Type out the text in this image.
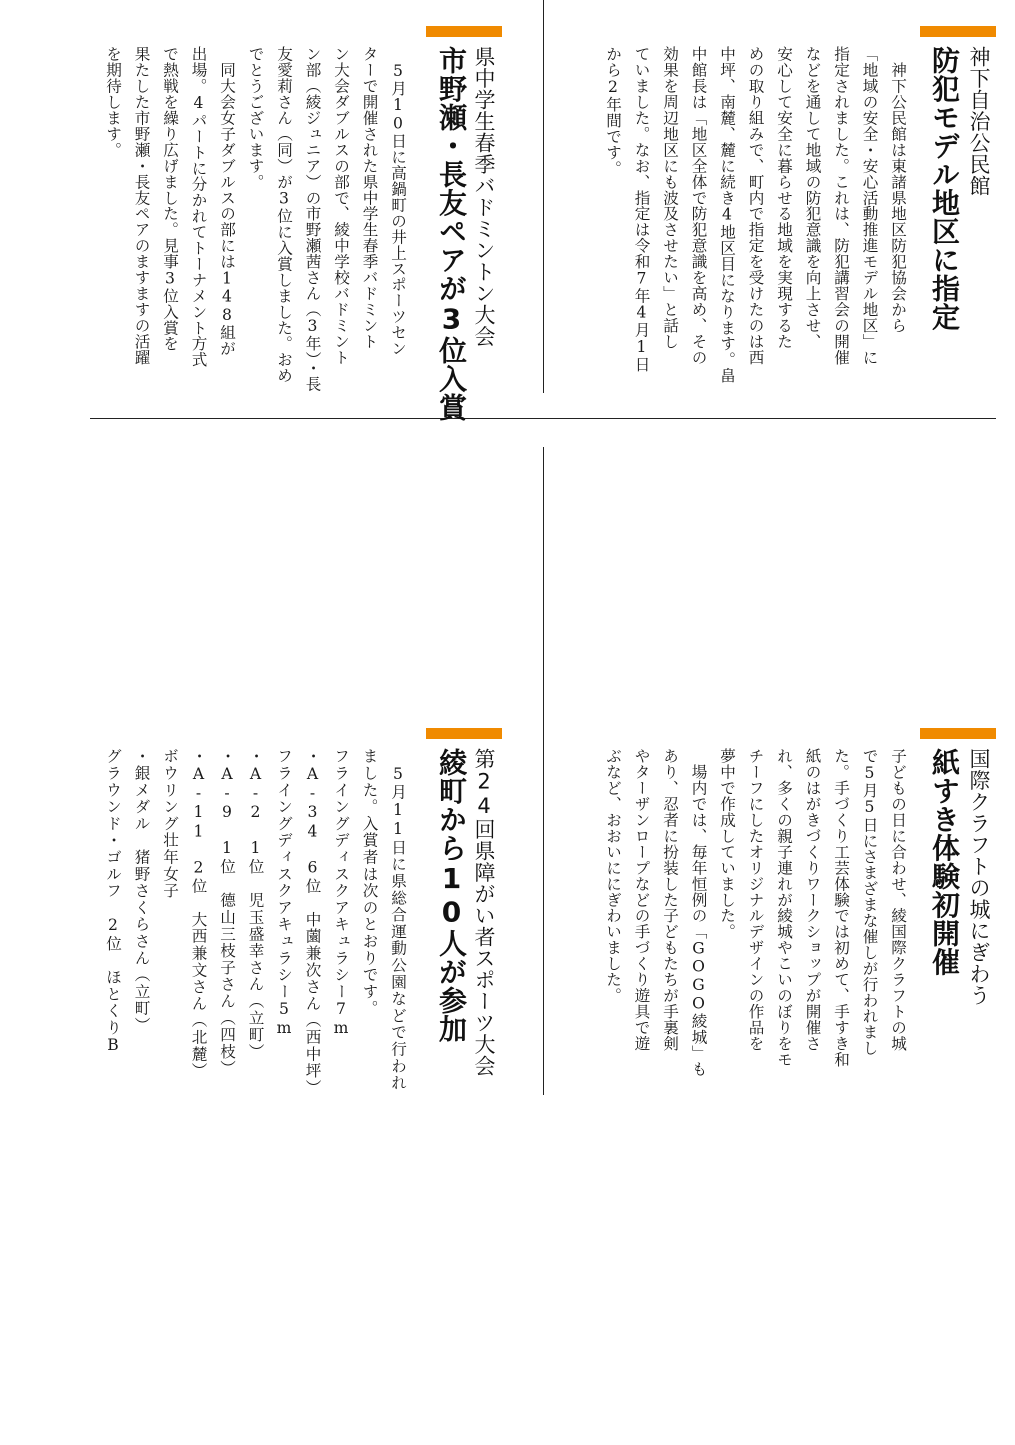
神下自治公民館
防犯モデル地区に指定
　神下公民館は東諸県地区防犯協会から
「地域の安全・安心活動推進モデル地区」に
指定されました。これは、防犯講習会の開催
などを通して地域の防犯意識を向上させ、
安心して安全に暮らせる地域を実現するた
めの取り組みで、町内で指定を受けたのは西
中坪、南麓、麓に続き4地区目になります。畠
中館長は「地区全体で防犯意識を高め、その
効果を周辺地区にも波及させたい」と話し
ていました。なお、指定は令和7年4月1日
から2年間です。
県中学生春季バドミントン大会
市野瀬・長友ペアが3位入賞
　5月10日に高鍋町の井上スポーツセン
ターで開催された県中学生春季バドミント
ン大会ダブルスの部で、綾中学校バドミント
ン部（綾ジュニア）の市野瀬茜さん（3年）・長
友愛莉さん（同）が3位に入賞しました。おめ
でとうございます。
　同大会女子ダブルスの部には148組が
出場。4パートに分かれてトーナメント方式
で熱戦を繰り広げました。見事3位入賞を
果たした市野瀬・長友ペアのますますの活躍
を期待します。
国際クラフトの城にぎわう
紙すき体験初開催
子どもの日に合わせ、綾国際クラフトの城
で5月5日にさまざまな催しが行われまし
た。手づくり工芸体験では初めて、手すき和
紙のはがきづくりワークショップが開催さ
れ、多くの親子連れが綾城やこいのぼりをモ
チーフにしたオリジナルデザインの作品を
夢中で作成していました。
　場内では、毎年恒例の「GOGO綾城」も
あり、忍者に扮装した子どもたちが手裏剣
やターザンロープなどの手づくり遊具で遊
ぶなど、おおいににぎわいました。
第24回県障がい者スポーツ大会
綾町から10人が参加
　5月11日に県総合運動公園などで行われ
ました。入賞者は次のとおりです。
フライングディスクアキュラシー7m
・A-34　6位　中薗兼次さん（西中坪）
フライングディスクアキュラシー5m
・A-2　1位　児玉盛幸さん（立町）
・A-9　1位　德山三枝子さん（四枝）
・A-11　2位　大西兼文さん（北麓）
ボウリング壮年女子
・銀メダル　猪野さくらさん（立町）
グラウンド・ゴルフ　2位　ほとくりB
